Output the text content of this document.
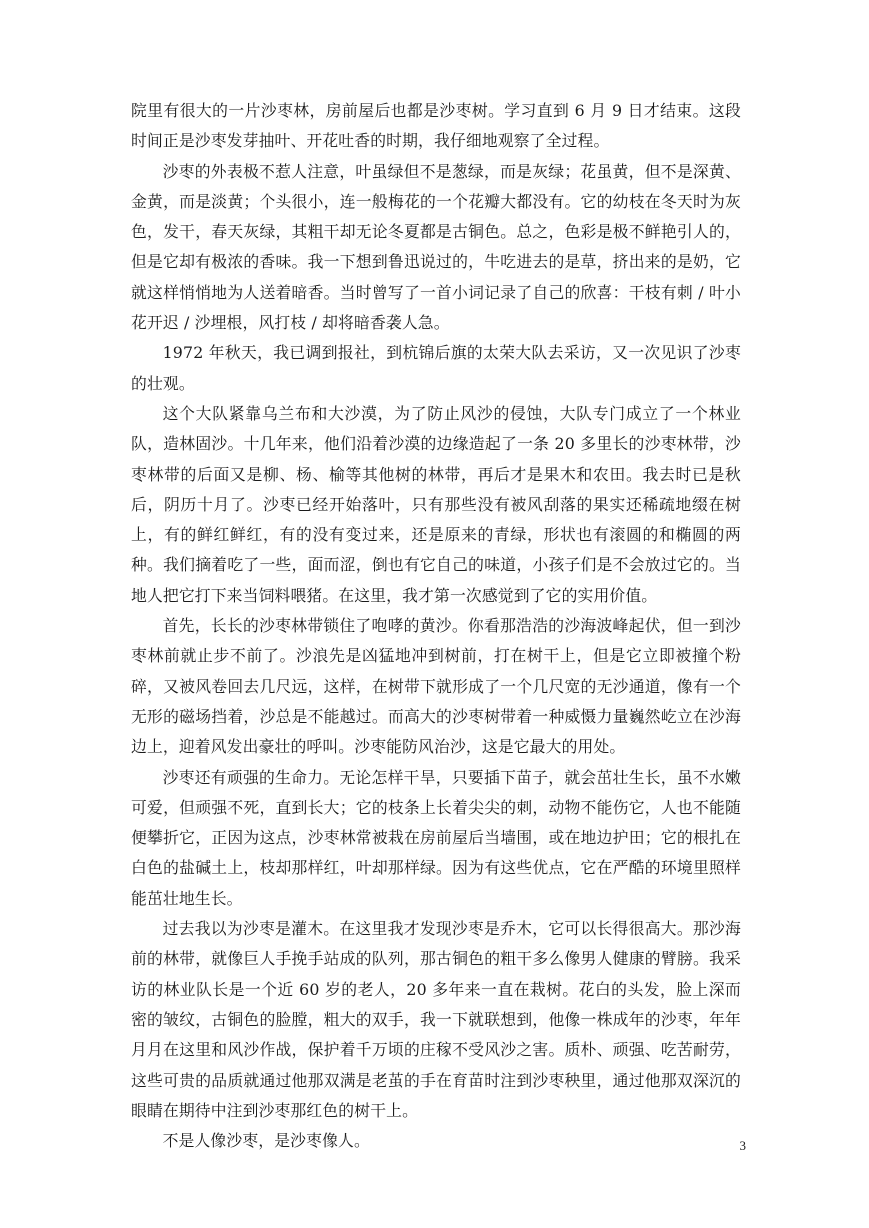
院里有很大的一片沙枣林，房前屋后也都是沙枣树。学习直到 6 月 9 日才结束。这段时间正是沙枣发芽抽叶、开花吐香的时期，我仔细地观察了全过程。

沙枣的外表极不惹人注意，叶虽绿但不是葱绿，而是灰绿；花虽黄，但不是深黄、金黄，而是淡黄；个头很小，连一般梅花的一个花瓣大都没有。它的幼枝在冬天时为灰色，发干，春天灰绿，其粗干却无论冬夏都是古铜色。总之，色彩是极不鲜艳引人的，但是它却有极浓的香味。我一下想到鲁迅说过的，牛吃进去的是草，挤出来的是奶，它就这样悄悄地为人送着暗香。当时曾写了一首小词记录了自己的欣喜：干枝有刺 / 叶小花开迟 / 沙埋根，风打枝 / 却将暗香袭人急。

1972 年秋天，我已调到报社，到杭锦后旗的太荣大队去采访，又一次见识了沙枣的壮观。

这个大队紧靠乌兰布和大沙漠，为了防止风沙的侵蚀，大队专门成立了一个林业队，造林固沙。十几年来，他们沿着沙漠的边缘造起了一条 20 多里长的沙枣林带，沙枣林带的后面又是柳、杨、榆等其他树的林带，再后才是果木和农田。我去时已是秋后，阴历十月了。沙枣已经开始落叶，只有那些没有被风刮落的果实还稀疏地缀在树上，有的鲜红鲜红，有的没有变过来，还是原来的青绿，形状也有滚圆的和椭圆的两种。我们摘着吃了一些，面而涩，倒也有它自己的味道，小孩子们是不会放过它的。当地人把它打下来当饲料喂猪。在这里，我才第一次感觉到了它的实用价值。

首先，长长的沙枣林带锁住了咆哮的黄沙。你看那浩浩的沙海波峰起伏，但一到沙枣林前就止步不前了。沙浪先是凶猛地冲到树前，打在树干上，但是它立即被撞个粉碎，又被风卷回去几尺远，这样，在树带下就形成了一个几尺宽的无沙通道，像有一个无形的磁场挡着，沙总是不能越过。而高大的沙枣树带着一种威慑力量巍然屹立在沙海边上，迎着风发出豪壮的呼叫。沙枣能防风治沙，这是它最大的用处。

沙枣还有顽强的生命力。无论怎样干旱，只要插下苗子，就会茁壮生长，虽不水嫩可爱，但顽强不死，直到长大；它的枝条上长着尖尖的刺，动物不能伤它，人也不能随便攀折它，正因为这点，沙枣林常被栽在房前屋后当墙围，或在地边护田；它的根扎在白色的盐碱土上，枝却那样红，叶却那样绿。因为有这些优点，它在严酷的环境里照样能茁壮地生长。

过去我以为沙枣是灌木。在这里我才发现沙枣是乔木，它可以长得很高大。那沙海前的林带，就像巨人手挽手站成的队列，那古铜色的粗干多么像男人健康的臂膀。我采访的林业队长是一个近 60 岁的老人，20 多年来一直在栽树。花白的头发，脸上深而密的皱纹，古铜色的脸膛，粗大的双手，我一下就联想到，他像一株成年的沙枣，年年月月在这里和风沙作战，保护着千万顷的庄稼不受风沙之害。质朴、顽强、吃苦耐劳，这些可贵的品质就通过他那双满是老茧的手在育苗时注到沙枣秧里，通过他那双深沉的眼睛在期待中注到沙枣那红色的树干上。

不是人像沙枣，是沙枣像人。	3
